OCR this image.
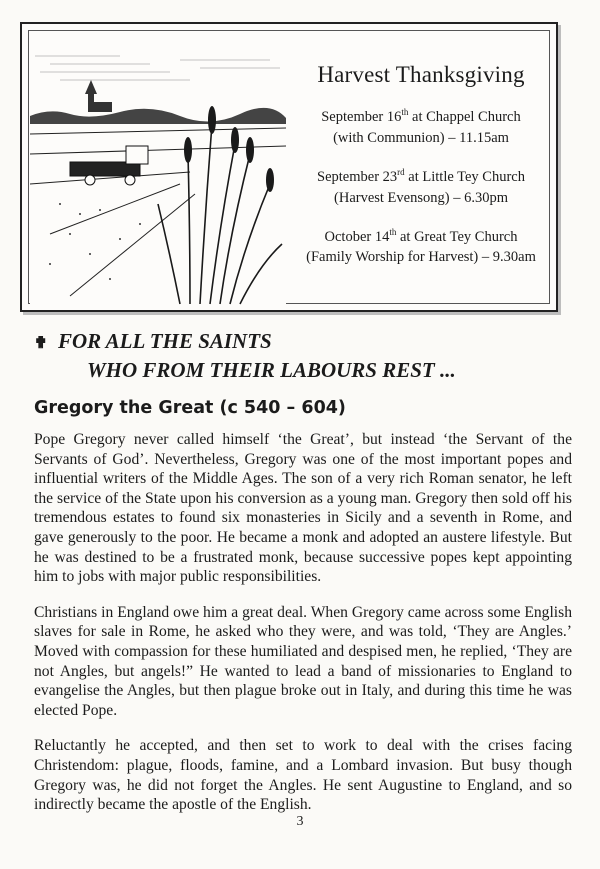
Harvest Thanksgiving
September 16th at Chappel Church
(with Communion) – 11.15am
September 23rd at Little Tey Church
(Harvest Evensong) – 6.30pm
October 14th at Great Tey Church
(Family Worship for Harvest) – 9.30am
✟ FOR ALL THE SAINTS
WHO FROM THEIR LABOURS REST ...
Gregory the Great (c 540 – 604)

Pope Gregory never called himself ‘the Great’, but instead ‘the Servant of the Servants of God’. Nevertheless, Gregory was one of the most important popes and influential writers of the Middle Ages. The son of a very rich Roman senator, he left the service of the State upon his conversion as a young man. Gregory then sold off his tremendous estates to found six monasteries in Sicily and a seventh in Rome, and gave generously to the poor. He became a monk and adopted an austere lifestyle. But he was destined to be a frustrated monk, because successive popes kept appointing him to jobs with major public responsibilities.

Christians in England owe him a great deal. When Gregory came across some English slaves for sale in Rome, he asked who they were, and was told, ‘They are Angles.’ Moved with compassion for these humiliated and despised men, he replied, ‘They are not Angles, but angels!” He wanted to lead a band of missionaries to England to evangelise the Angles, but then plague broke out in Italy, and during this time he was elected Pope.

Reluctantly he accepted, and then set to work to deal with the crises facing Christendom: plague, floods, famine, and a Lombard invasion. But busy though Gregory was, he did not forget the Angles. He sent Augustine to England, and so indirectly became the apostle of the English.

3
